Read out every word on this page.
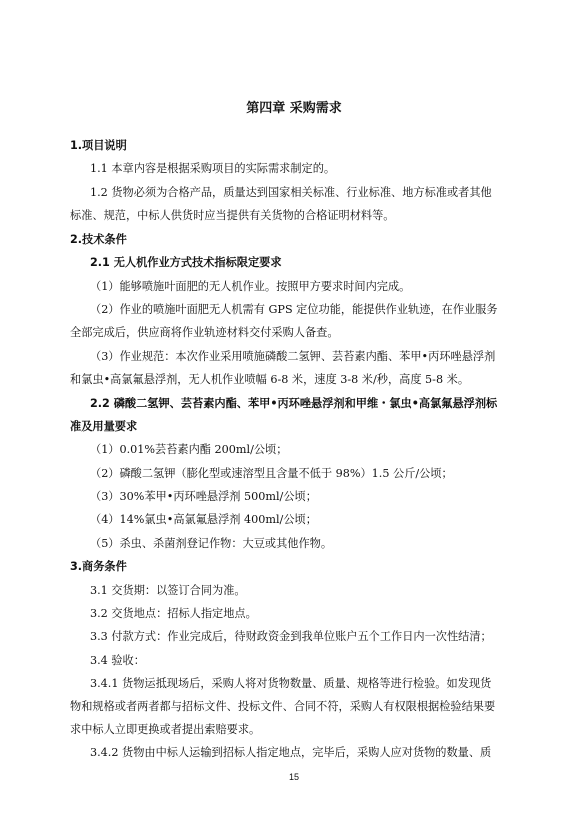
第四章 采购需求
1.项目说明
1.1 本章内容是根据采购项目的实际需求制定的。
1.2 货物必须为合格产品，质量达到国家相关标准、行业标准、地方标准或者其他
标准、规范，中标人供货时应当提供有关货物的合格证明材料等。
2.技术条件
2.1 无人机作业方式技术指标限定要求
（1）能够喷施叶面肥的无人机作业。按照甲方要求时间内完成。
（2）作业的喷施叶面肥无人机需有 GPS 定位功能，能提供作业轨迹，在作业服务
全部完成后，供应商将作业轨迹材料交付采购人备查。
（3）作业规范：本次作业采用喷施磷酸二氢钾、芸苔素内酯、苯甲•丙环唑悬浮剂
和氯虫•高氯氟悬浮剂，无人机作业喷幅 6-8 米，速度 3-8 米/秒，高度 5-8 米。
2.2 磷酸二氢钾、芸苔素内酯、苯甲•丙环唑悬浮剂和甲维・氯虫•高氯氟悬浮剂标
准及用量要求
（1）0.01%芸苔素内酯 200ml/公顷；
（2）磷酸二氢钾（膨化型或速溶型且含量不低于 98%）1.5 公斤/公顷；
（3）30%苯甲•丙环唑悬浮剂 500ml/公顷；
（4）14%氯虫•高氯氟悬浮剂 400ml/公顷；
（5）杀虫、杀菌剂登记作物：大豆或其他作物。
3.商务条件
3.1 交货期：以签订合同为准。
3.2 交货地点：招标人指定地点。
3.3 付款方式：作业完成后，待财政资金到我单位账户五个工作日内一次性结清；
3.4 验收：
3.4.1 货物运抵现场后，采购人将对货物数量、质量、规格等进行检验。如发现货
物和规格或者两者都与招标文件、投标文件、合同不符，采购人有权限根据检验结果要
求中标人立即更换或者提出索赔要求。
3.4.2 货物由中标人运输到招标人指定地点，完毕后，采购人应对货物的数量、质
15
